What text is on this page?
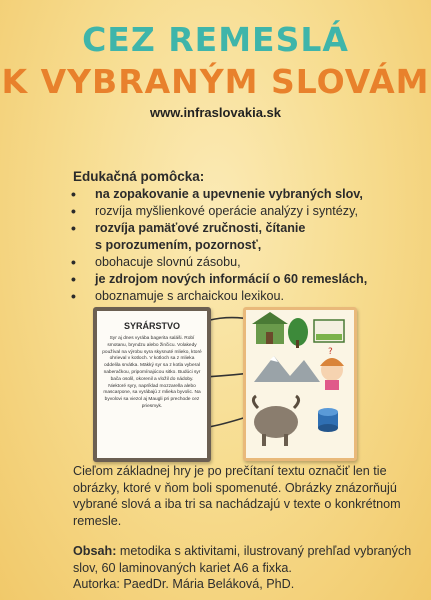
CEZ REMESLÁ
K VYBRANÝM SLOVÁM
www.infraslovakia.sk
Edukačná pomôcka:
• na zopakovanie a upevnenie vybraných slov,
• rozvíja myšlienkové operácie analýzy i syntézy,
• rozvíja pamäťové zručnosti, čítanie
s porozumením, pozornosť,
• obohacuje slovnú zásobu,
• je zdrojom nových informácií o 60 remeslách,
• oboznamuje s archaickou lexikou.
SYRÁRSTVO
Syr aj dnes vyrába bagerita saláši. Robí smotanu, bryndzu alebo žinčicu. Volakedy používal na výrobu syra skysnuté mlieko, ktoré ohrieval v kotloch. V kotloch sa z mlieka oddelila srvátka. Mäkký syr sa z kotla vyberal naberačkou, pripomínajúcou sitko. Budúci syr bača osolil, okorenil a vložil do nádoby. Niektoré syry, napríklad mozzarella alebo mascarpone, sa vyrábajú z mlieka byvolic. Na byvolovi sa viezol aj Maugli pri prechode cez priesmyk.
?
Cieľom základnej hry je po prečítaní textu označiť len tie obrázky, ktoré v ňom boli spomenuté. Obrázky znázorňujú vybrané slová a iba tri sa nachádzajú v texte o konkrétnom remesle.
Obsah: metodika s aktivitami, ilustrovaný prehľad vybraných slov, 60 laminovaných kariet A6 a fixka.
Autorka: PaedDr. Mária Beláková, PhD.
